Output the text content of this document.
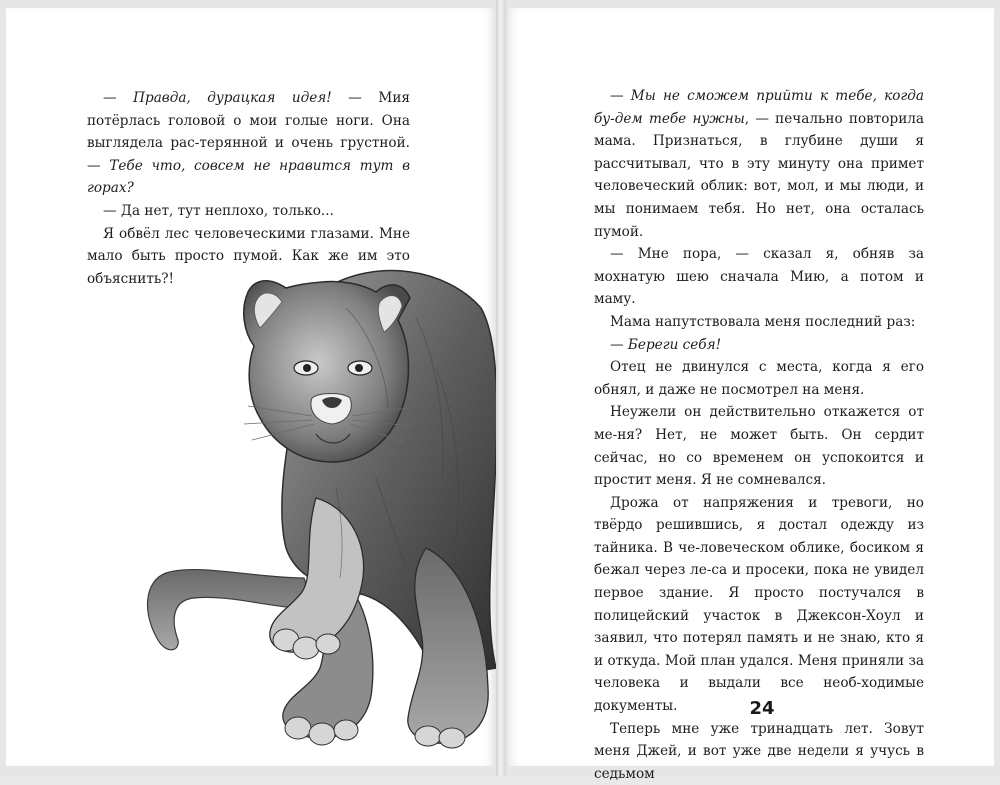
— Правда, дурацкая идея! — Мия потёрлась головой о мои голые ноги. Она выглядела рас-терянной и очень грустной. — Тебе что, совсем не нравится тут в горах?

— Да нет, тут неплохо, только...

Я обвёл лес человеческими глазами. Мне мало быть просто пумой. Как же им это объяснить?!

— Мы не сможем прийти к тебе, когда бу-дем тебе нужны, — печально повторила мама. Признаться, в глубине души я рассчитывал, что в эту минуту она примет человеческий облик: вот, мол, и мы люди, и мы понимаем тебя. Но нет, она осталась пумой.

— Мне пора, — сказал я, обняв за мохнатую шею сначала Мию, а потом и маму.

Мама напутствовала меня последний раз:

— Береги себя!

Отец не двинулся с места, когда я его обнял, и даже не посмотрел на меня.

Неужели он действительно откажется от ме-ня? Нет, не может быть. Он сердит сейчас, но со временем он успокоится и простит меня. Я не сомневался.

Дрожа от напряжения и тревоги, но твёрдо решившись, я достал одежду из тайника. В че-ловеческом облике, босиком я бежал через ле-са и просеки, пока не увидел первое здание. Я просто постучался в полицейский участок в Джексон-Хоул и заявил, что потерял память и не знаю, кто я и откуда. Мой план удался. Меня приняли за человека и выдали все необ-ходимые документы.

Теперь мне уже тринадцать лет. Зовут меня Джей, и вот уже две недели я учусь в седьмом

24
